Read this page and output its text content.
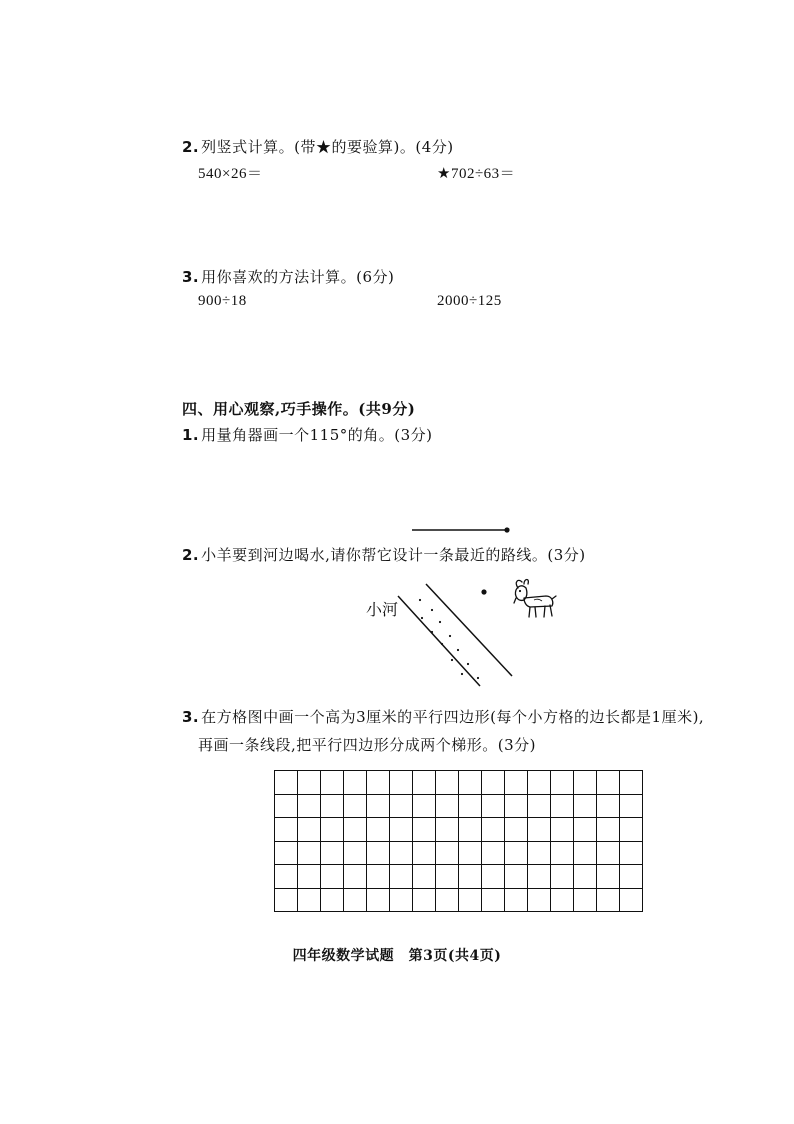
2. 列竖式计算。(带★的要验算)。(4分)
540×26＝	★702÷63＝
3. 用你喜欢的方法计算。(6分)
900÷18	2000÷125
四、用心观察,巧手操作。(共9分)
1. 用量角器画一个115°的角。(3分)
2. 小羊要到河边喝水,请你帮它设计一条最近的路线。(3分)
小河
3. 在方格图中画一个高为3厘米的平行四边形(每个小方格的边长都是1厘米),
再画一条线段,把平行四边形分成两个梯形。(3分)
四年级数学试题　第3页(共4页)
